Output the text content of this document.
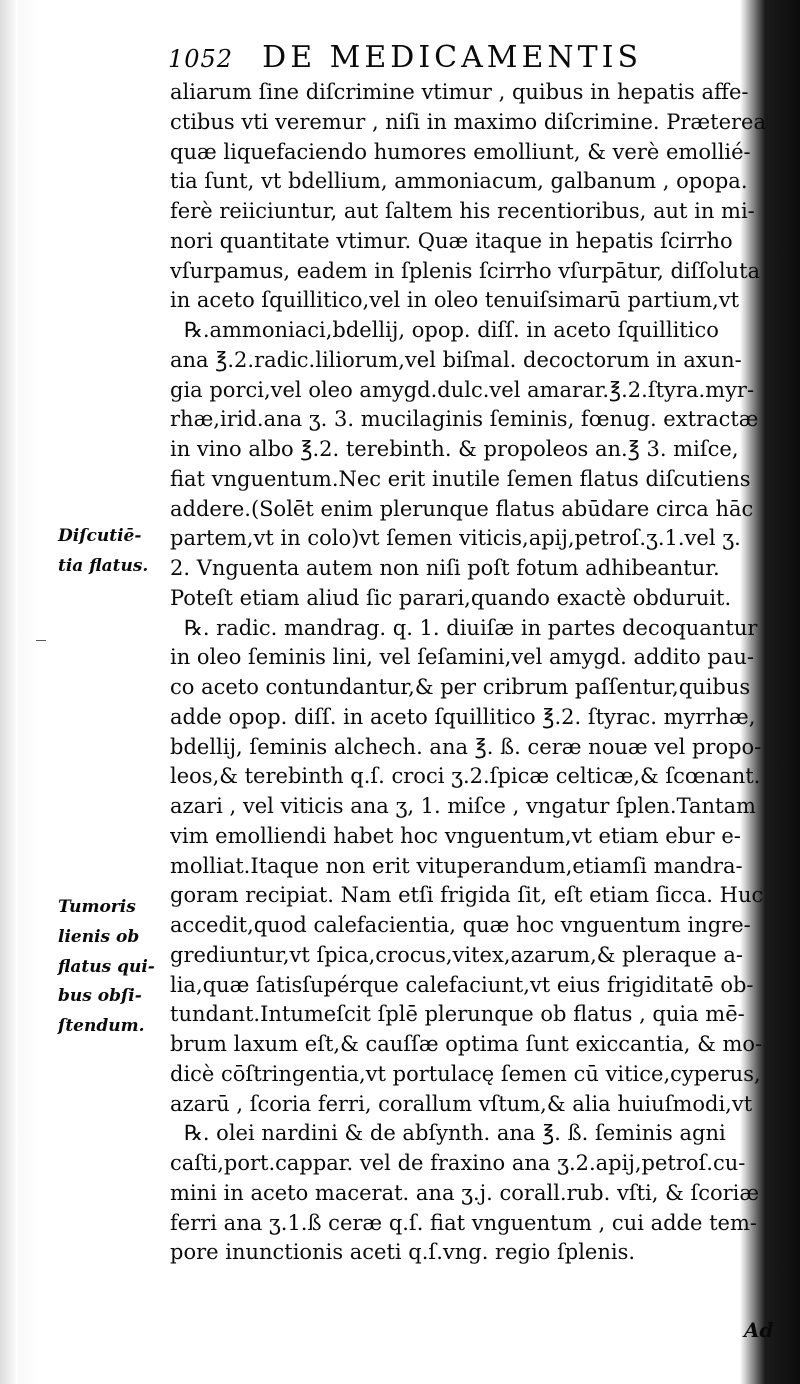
1052 DE MEDICAMENTIS
Diſcutiē-
tia flatus.
Tumoris
lienis ob
flatus qui-
bus obſi-
ſtendum.
aliarum ſine diſcrimine vtimur , quibus in hepatis affe-
ctibus vti veremur , niſi in maximo diſcrimine. Præterea
quæ liquefaciendo humores emolliunt, & verè emollié-
tia ſunt, vt bdellium, ammoniacum, galbanum , opopa.
ferè reiiciuntur, aut ſaltem his recentioribus, aut in mi-
nori quantitate vtimur. Quæ itaque in hepatis ſcirrho
vſurpamus, eadem in ſplenis ſcirrho vſurpātur, diſſoluta
in aceto ſquillitico,vel in oleo tenuiſsimarū partium,vt
℞.ammoniaci,bdellij, opop. diſſ. in aceto ſquillitico
ana ℥.2.radic.liliorum,vel biſmal. decoctorum in axun-
gia porci,vel oleo amygd.dulc.vel amarar.℥.2.ſtyra.myr-
rhæ,irid.ana ʒ. 3. mucilaginis ſeminis, fœnug. extractæ
in vino albo ℥.2. terebinth. & propoleos an.℥ 3. miſce,
fiat vnguentum.Nec erit inutile ſemen flatus diſcutiens
addere.(Solēt enim plerunque flatus abūdare circa hāc
partem,vt in colo)vt ſemen viticis,apij,petroſ.ʒ.1.vel ʒ.
2. Vnguenta autem non niſi poſt fotum adhibeantur.
Poteſt etiam aliud ſic parari,quando exactè obduruit.
℞. radic. mandrag. q. 1. diuiſæ in partes decoquantur
in oleo ſeminis lini, vel ſeſamini,vel amygd. addito pau-
co aceto contundantur,& per cribrum paſſentur,quibus
adde opop. diſſ. in aceto ſquillitico ℥.2. ſtyrac. myrrhæ,
bdellij, ſeminis alchech. ana ℥. ß. ceræ nouæ vel propo-
leos,& terebinth q.ſ. croci ʒ.2.ſpicæ celticæ,& ſcœnant.
azari , vel viticis ana ʒ, 1. miſce , vngatur ſplen.Tantam
vim emolliendi habet hoc vnguentum,vt etiam ebur e-
molliat.Itaque non erit vituperandum,etiamſi mandra-
goram recipiat. Nam etſi frigida ſit, eſt etiam ſicca. Huc
accedit,quod calefacientia, quæ hoc vnguentum ingre-
grediuntur,vt ſpica,crocus,vitex,azarum,& pleraque a-
lia,quæ ſatisſupérque calefaciunt,vt eius frigiditatē ob-
tundant.Intumeſcit ſplē plerunque ob flatus , quia mē-
brum laxum eſt,& cauſſæ optima ſunt exiccantia, & mo-
dicè cōſtringentia,vt portulacę ſemen cū vitice,cyperus,
azarū , ſcoria ferri, corallum vſtum,& alia huiuſmodi,vt
℞. olei nardini & de abſynth. ana ℥. ß. ſeminis agni
caſti,port.cappar. vel de fraxino ana ʒ.2.apij,petroſ.cu-
mini in aceto macerat. ana ʒ.j. corall.rub. vſti, & ſcoriæ
ferri ana ʒ.1.ß ceræ q.ſ. fiat vnguentum , cui adde tem-
pore inunctionis aceti q.ſ.vng. regio ſplenis.
Ad
